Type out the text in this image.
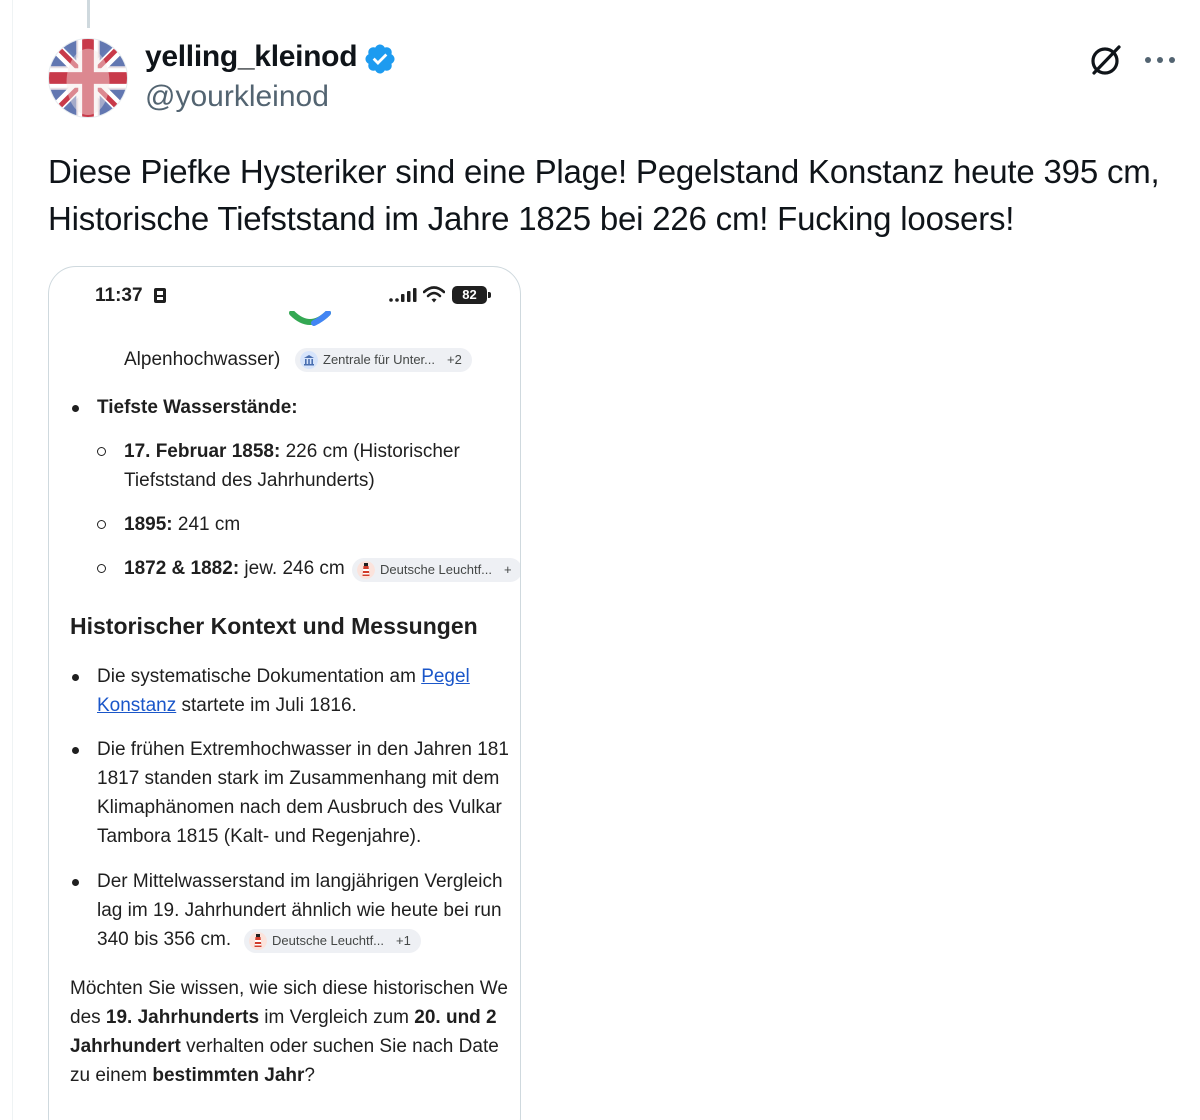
yelling_kleinod
@yourkleinod
Diese Piefke Hysteriker sind eine Plage! Pegelstand Konstanz heute 395 cm, Historische Tiefststand im Jahre 1825 bei 226 cm! Fucking loosers!
11:37	82
Alpenhochwasser)	Zentrale für Unter... +2
Tiefste Wasserstände:
17. Februar 1858: 226 cm (Historischer
Tiefststand des Jahrhunderts)
1895: 241 cm
1872 & 1882: jew. 246 cm	Deutsche Leuchtf... +
Historischer Kontext und Messungen
Die systematische Dokumentation am Pegel
Konstanz startete im Juli 1816.
Die frühen Extremhochwasser in den Jahren 181
1817 standen stark im Zusammenhang mit dem
Klimaphänomen nach dem Ausbruch des Vulkar
Tambora 1815 (Kalt- und Regenjahre).
Der Mittelwasserstand im langjährigen Vergleich
lag im 19. Jahrhundert ähnlich wie heute bei run
340 bis 356 cm.	Deutsche Leuchtf... +1
Möchten Sie wissen, wie sich diese historischen We
des 19. Jahrhunderts im Vergleich zum 20. und 2
Jahrhundert verhalten oder suchen Sie nach Date
zu einem bestimmten Jahr?
